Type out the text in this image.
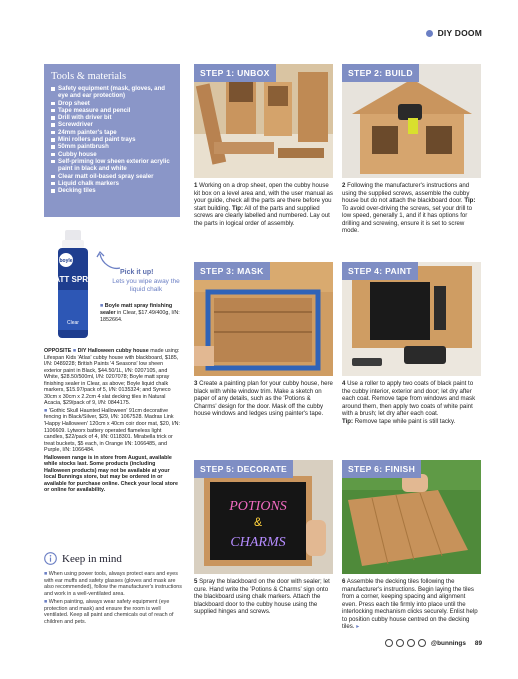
DIY DOOM
Tools & materials
Safety equipment (mask, gloves, and eye and ear protection)
Drop sheet
Tape measure and pencil
Drill with driver bit
Screwdriver
24mm painter's tape
Mini rollers and paint trays
50mm paintbrush
Cubby house
Self-priming low sheen exterior acrylic paint in black and white
Clear matt oil-based spray sealer
Liquid chalk markers
Decking tiles
boyle
MATT SPRAY
Clear
Pick it up!
Lets you wipe away the liquid chalk
■ Boyle matt spray finishing sealer in Clear, $17.49/400g, I/N: 1852664.

OPPOSITE ■ DIY Halloween cubby house made using: Lifespan Kids 'Atlas' cubby house with blackboard, $185, I/N: 0489228; British Paints '4 Seasons' low sheen exterior paint in Black, $44.50/1L, I/N: 0207105, and White, $28.50/500ml, I/N: 0207078; Boyle matt spray finishing sealer in Clear, as above; Boyle liquid chalk markers, $15.97/pack of 5, I/N: 0135324; and Syneco 30cm x 30cm x 2.2cm 4 slat decking tiles in Natural Acacia, $29/pack of 9, I/N: 0844175.

■ 'Gothic Skull Haunted Halloween' 91cm decorative fencing in Black/Silver, $29, I/N: 1067528. Madras Link 'Happy Halloween' 120cm x 40cm coir door mat, $20, I/N: 1106609. Lytworx battery operated flameless light candles, $22/pack of 4, I/N: 0118301. Mirabella trick or treat buckets, $5 each, in Orange I/N: 1066485, and Purple, I/N: 1066484.

Halloween range is in store from August, available while stocks last. Some products (including Halloween products) may not be available at your local Bunnings store, but may be ordered in or available for purchase online. Check your local store or online for availability.

Keep in mind

■ When using power tools, always protect ears and eyes with ear muffs and safety glasses (gloves and mask are also recommended), follow the manufacturer's instructions and work in a well-ventilated area.

■ When painting, always wear safety equipment (eye protection and mask) and ensure the room is well ventilated. Keep all paint and chemicals out of reach of children and pets.

STEP 1: UNBOX
1 Working on a drop sheet, open the cubby house kit box on a level area and, with the user manual as your guide, check all the parts are there before you start building. Tip: All of the parts and supplied screws are clearly labelled and numbered. Lay out the parts in logical order of assembly.
STEP 2: BUILD
2 Following the manufacturer's instructions and using the supplied screws, assemble the cubby house but do not attach the blackboard door. Tip: To avoid over-driving the screws, set your drill to low speed, generally 1, and if it has options for drilling and screwing, ensure it is set to screw mode.
STEP 3: MASK
3 Create a painting plan for your cubby house, here black with white window trim. Make a sketch on paper of any details, such as the 'Potions & Charms' design for the door. Mask off the cubby house windows and ledges using painter's tape.
STEP 4: PAINT
4 Use a roller to apply two coats of black paint to the cubby interior, exterior and door; let dry after each coat. Remove tape from windows and mask around them, then apply two coats of white paint with a brush; let dry after each coat.
Tip: Remove tape while paint is still tacky.
STEP 5: DECORATE
POTIONS
&
CHARMS
5 Spray the blackboard on the door with sealer; let cure. Hand write the 'Potions & Charms' sign onto the blackboard using chalk markers. Attach the blackboard door to the cubby house using the supplied hinges and screws.
STEP 6: FINISH
6 Assemble the decking tiles following the manufacturer's instructions. Begin laying the tiles from a corner, keeping spacing and alignment even. Press each tile firmly into place until the interlocking mechanism clicks securely. Enlist help to position cubby house centred on the decking tiles. ▸
@bunnings 89
